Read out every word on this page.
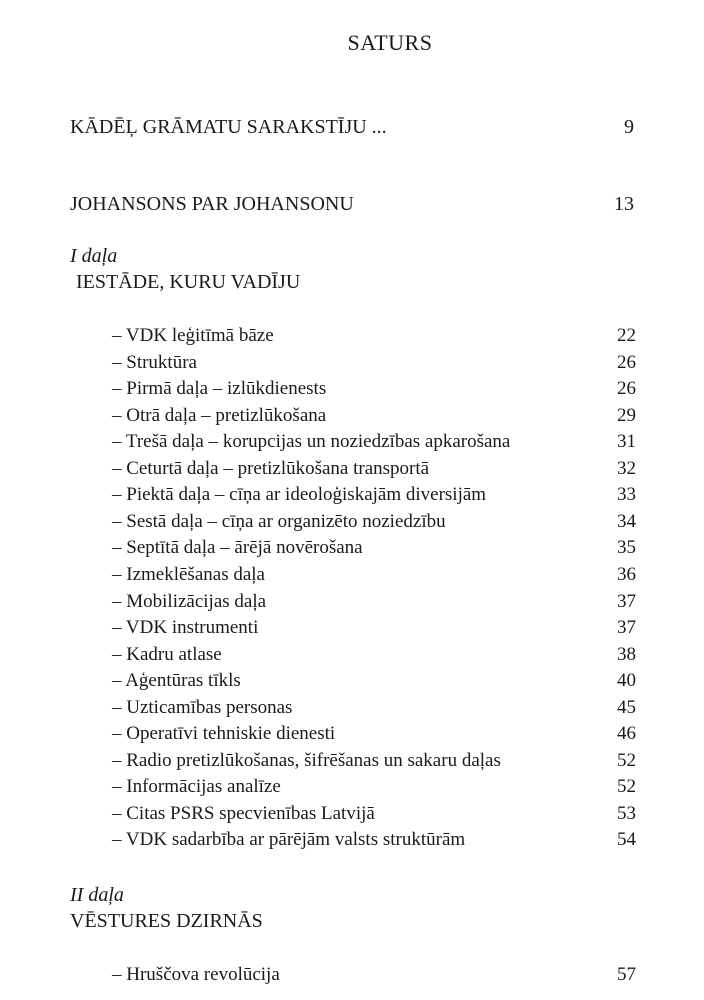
SATURS
KĀDĒĻ GRĀMATU SARAKSTĪJU ...	9
JOHANSONS PAR JOHANSONU	13
I daļa
IESTĀDE, KURU VADĪJU
– VDK leģitīmā bāze	22
– Struktūra	26
– Pirmā daļa – izlūkdienests	26
– Otrā daļa – pretizlūkošana	29
– Trešā daļa – korupcijas un noziedzības apkarošana	31
– Ceturtā daļa – pretizlūkošana transportā	32
– Piektā daļa – cīņa ar ideoloģiskajām diversijām	33
– Sestā daļa – cīņa ar organizēto noziedzību	34
– Septītā daļa – ārējā novērošana	35
– Izmeklēšanas daļa	36
– Mobilizācijas daļa	37
– VDK instrumenti	37
– Kadru atlase	38
– Aģentūras tīkls	40
– Uzticamības personas	45
– Operatīvi tehniskie dienesti	46
– Radio pretizlūkošanas, šifrēšanas un sakaru daļas	52
– Informācijas analīze	52
– Citas PSRS specvienības Latvijā	53
– VDK sadarbība ar pārējām valsts struktūrām	54
II daļa
VĒSTURES DZIRNĀS
– Hruščova revolūcija	57
